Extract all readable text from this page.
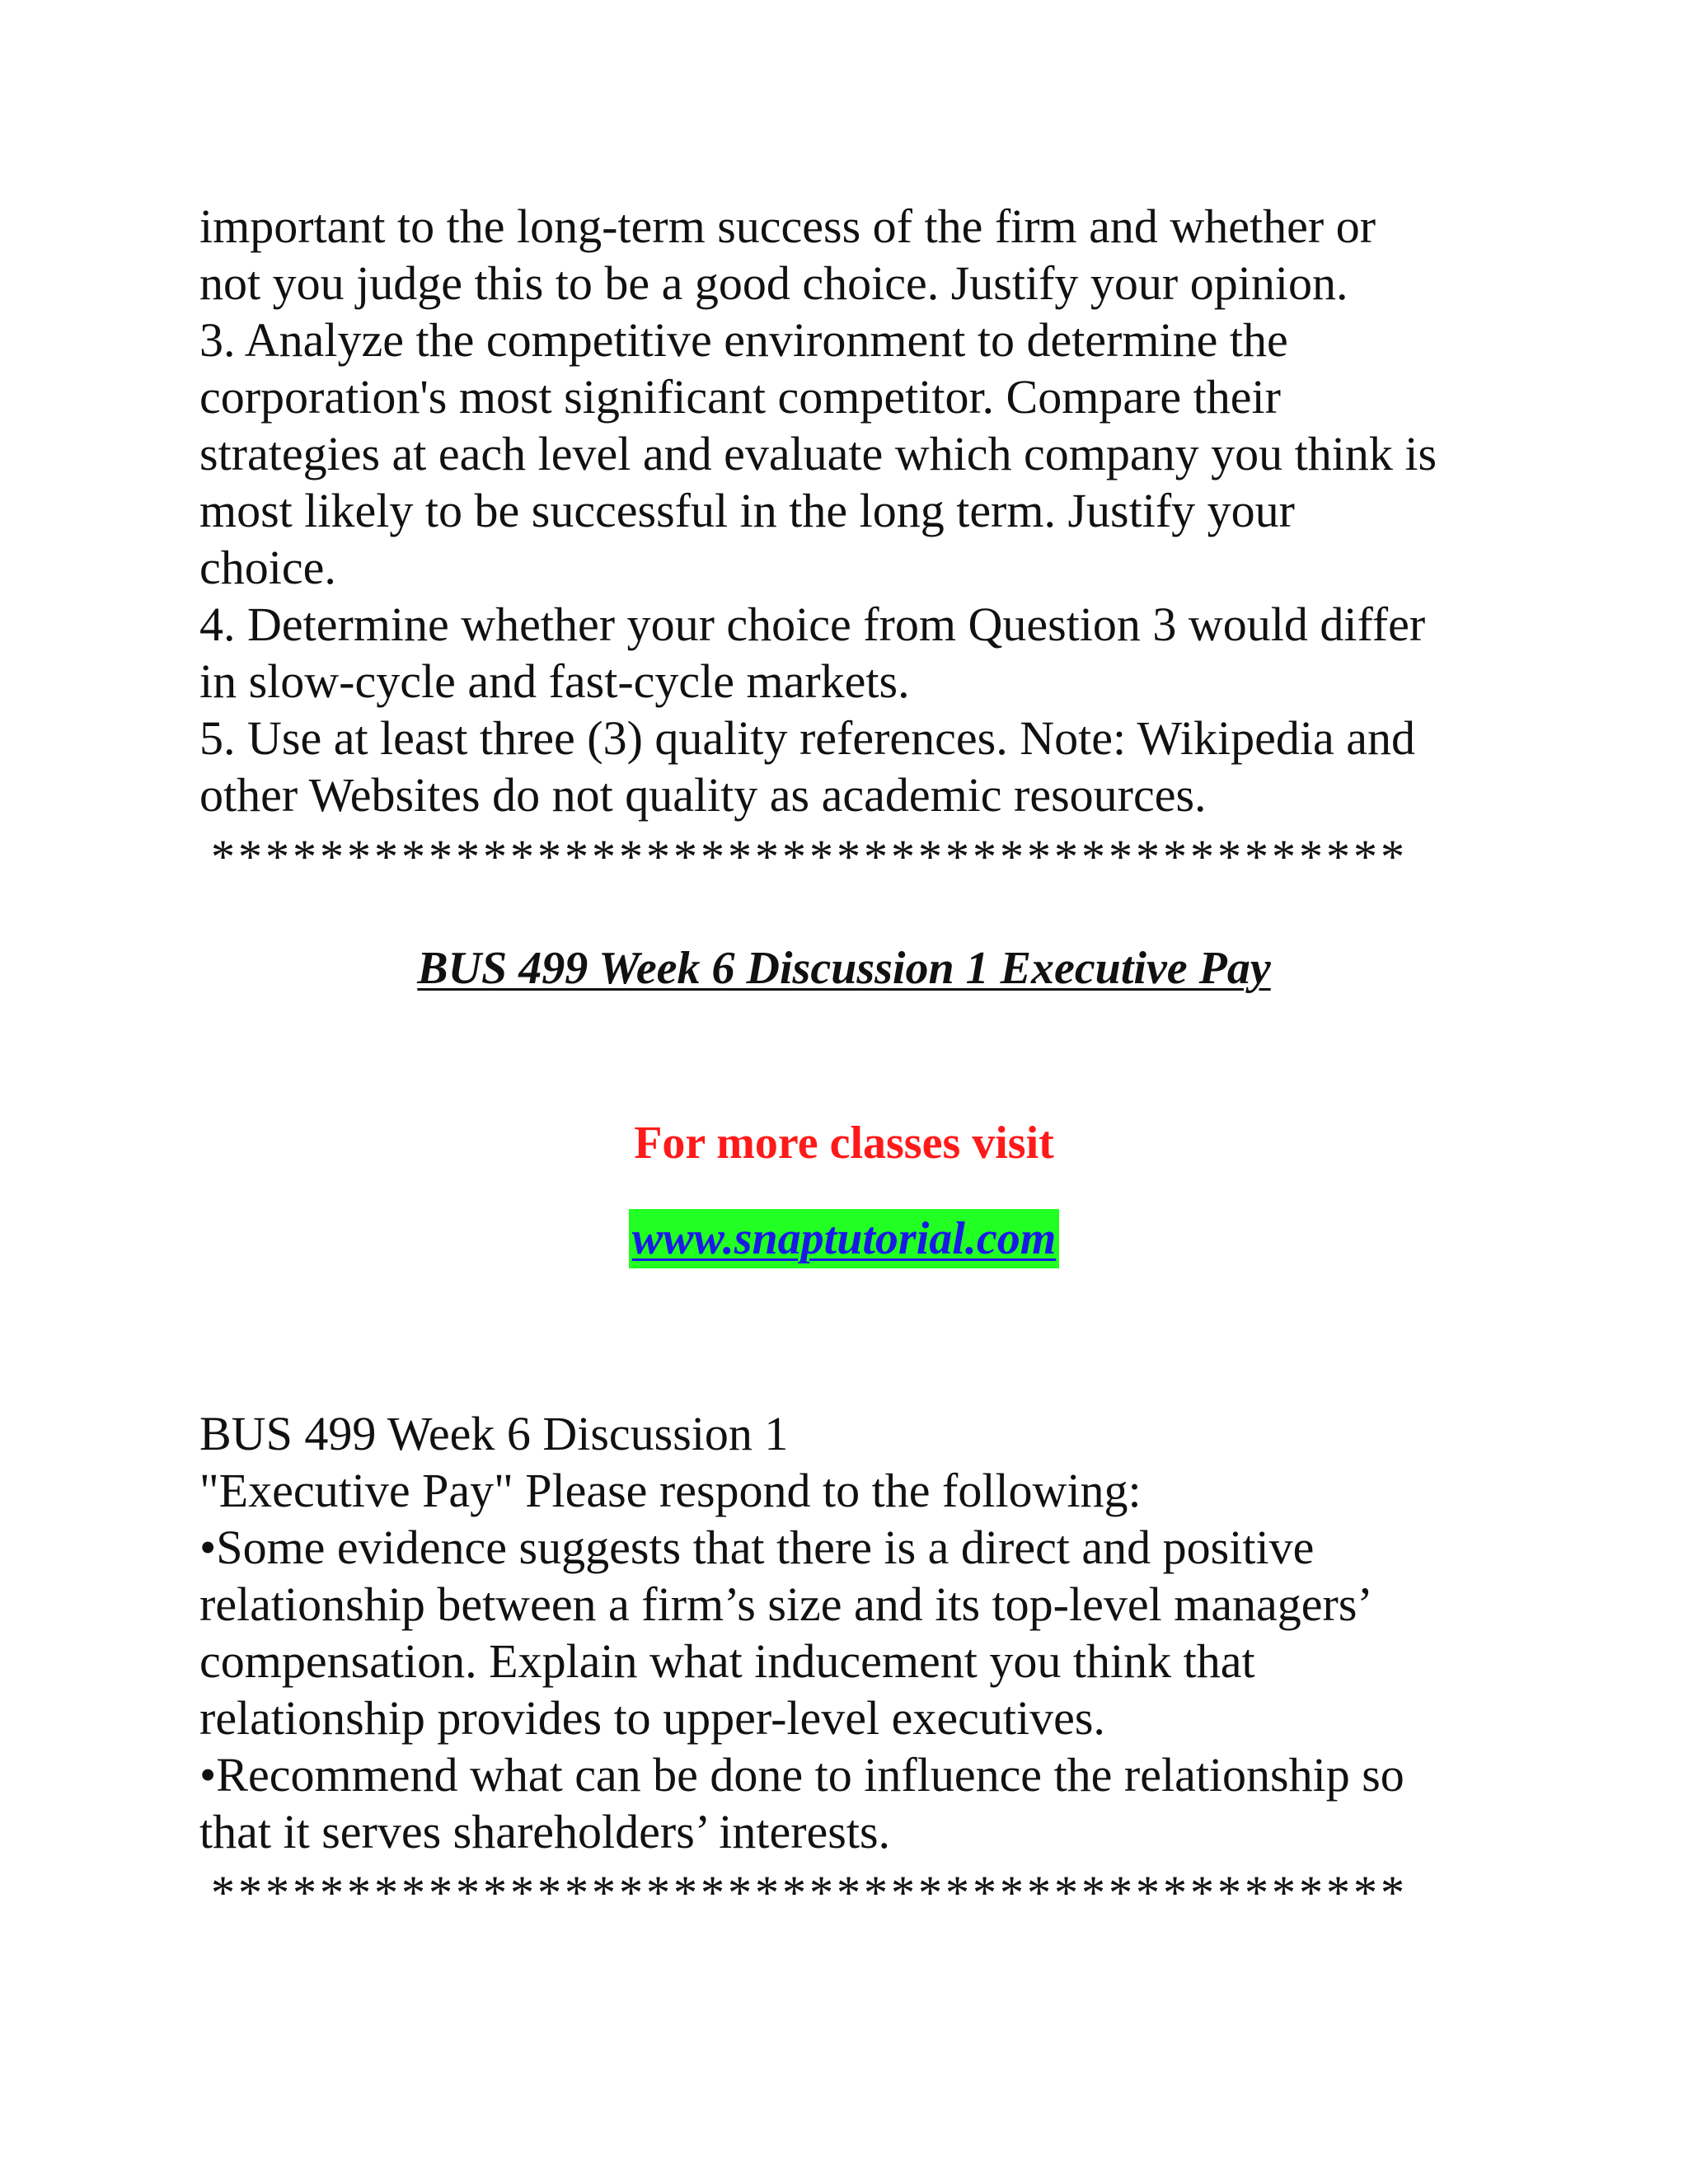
important to the long-term success of the firm and whether or
not you judge this to be a good choice. Justify your opinion.
3. Analyze the competitive environment to determine the
corporation's most significant competitor. Compare their
strategies at each level and evaluate which company you think is
most likely to be successful in the long term. Justify your
choice.
4. Determine whether your choice from Question 3 would differ
in slow-cycle and fast-cycle markets.
5. Use at least three (3) quality references. Note: Wikipedia and
other Websites do not quality as academic resources.
********************************************
BUS 499 Week 6 Discussion 1 Executive Pay
For more classes visit
www.snaptutorial.com
BUS 499 Week 6 Discussion 1
"Executive Pay" Please respond to the following:
•Some evidence suggests that there is a direct and positive
relationship between a firm’s size and its top-level managers’
compensation. Explain what inducement you think that
relationship provides to upper-level executives.
•Recommend what can be done to influence the relationship so
that it serves shareholders’ interests.
********************************************
